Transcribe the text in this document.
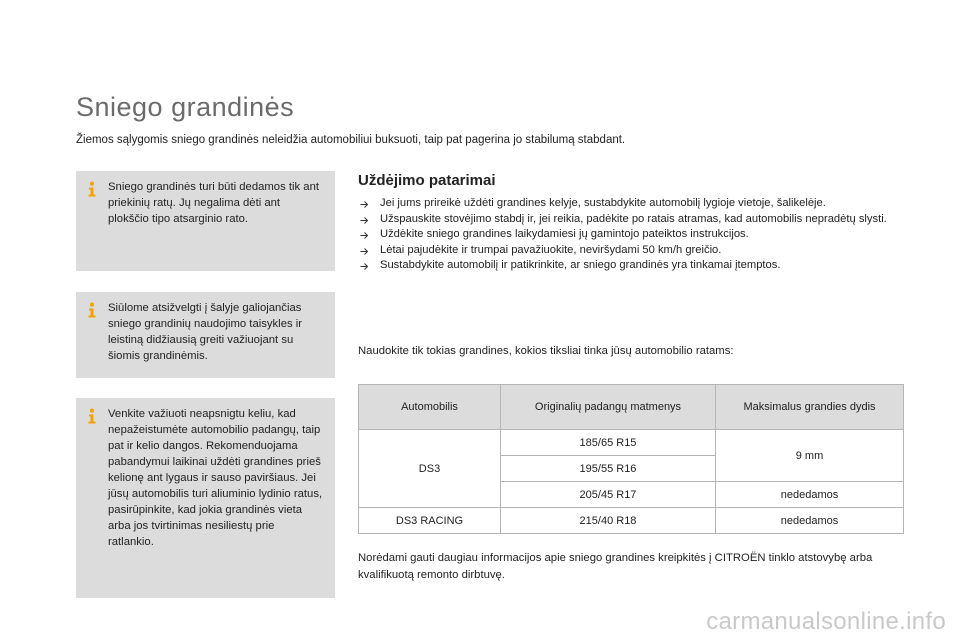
Sniego grandinės

Žiemos sąlygomis sniego grandinės neleidžia automobiliui buksuoti, taip pat pagerina jo stabilumą stabdant.

Sniego grandinės turi būti dedamos tik ant priekinių ratų. Jų negalima dėti ant plokščio tipo atsarginio rato.
Siūlome atsižvelgti į šalyje galiojančias sniego grandinių naudojimo taisykles ir leistiną didžiausią greiti važiuojant su šiomis grandinėmis.
Venkite važiuoti neapsnigtu keliu, kad nepažeistumėte automobilio padangų, taip pat ir kelio dangos. Rekomenduojama pabandymui laikinai uždėti grandines prieš kelionę ant lygaus ir sauso paviršiaus. Jei jūsų automobilis turi aliuminio lydinio ratus, pasirūpinkite, kad jokia grandinės vieta arba jos tvirtinimas nesiliestų prie ratlankio.
Uždėjimo patarimai
Jei jums prireikė uždėti grandines kelyje, sustabdykite automobilį lygioje vietoje, šalikelėje.
Užspauskite stovėjimo stabdį ir, jei reikia, padėkite po ratais atramas, kad automobilis nepradėtų slysti.
Uždėkite sniego grandines laikydamiesi jų gamintojo pateiktos instrukcijos.
Lėtai pajudėkite ir trumpai pavažiuokite, neviršydami 50 km/h greičio.
Sustabdykite automobilį ir patikrinkite, ar sniego grandinės yra tinkamai įtemptos.

Naudokite tik tokias grandines, kokios tiksliai tinka jūsų automobilio ratams:

Automobilis	Originalių padangų matmenys	Maksimalus grandies dydis
DS3	185/65 R15	9 mm
	195/55 R16	
	205/45 R17	nededamos
DS3 RACING	215/40 R18	nededamos

Norėdami gauti daugiau informacijos apie sniego grandines kreipkitės į CITROËN tinklo atstovybę arba kvalifikuotą remonto dirbtuvę.

carmanualsonline.info
